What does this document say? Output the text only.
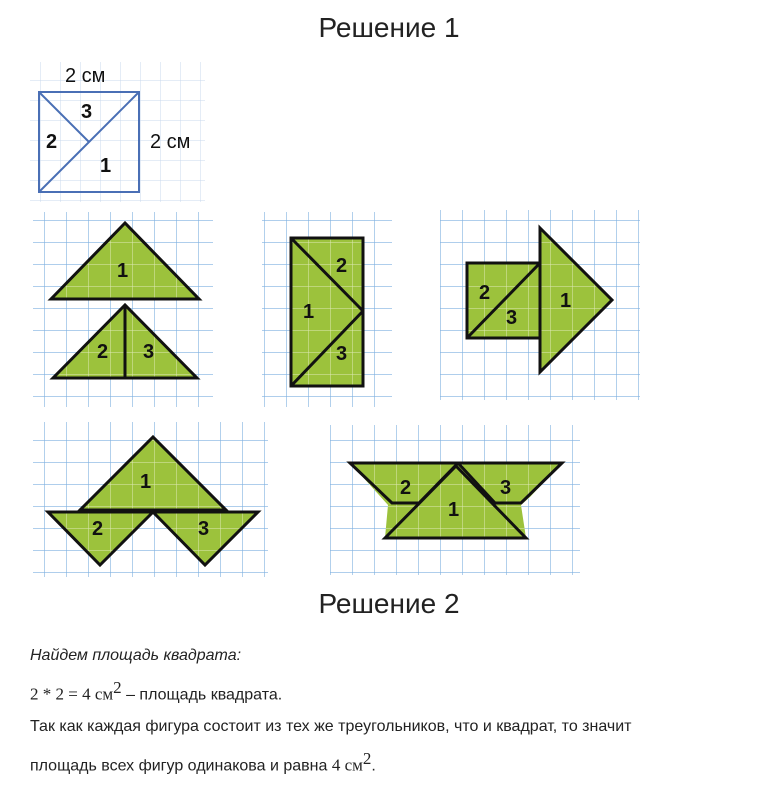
Решение 1
2 см
2 см
3
2
1
1
2 3
2
1
3
2
3
1
1
2	3
2	3
1
Решение 2

Найдем площадь квадрата:

2 * 2 = 4 $см^2$ – площадь квадрата.

Так как каждая фигура состоит из тех же треугольников, что и квадрат, то значит

площадь всех фигур одинакова и равна 4 $см^2$.
